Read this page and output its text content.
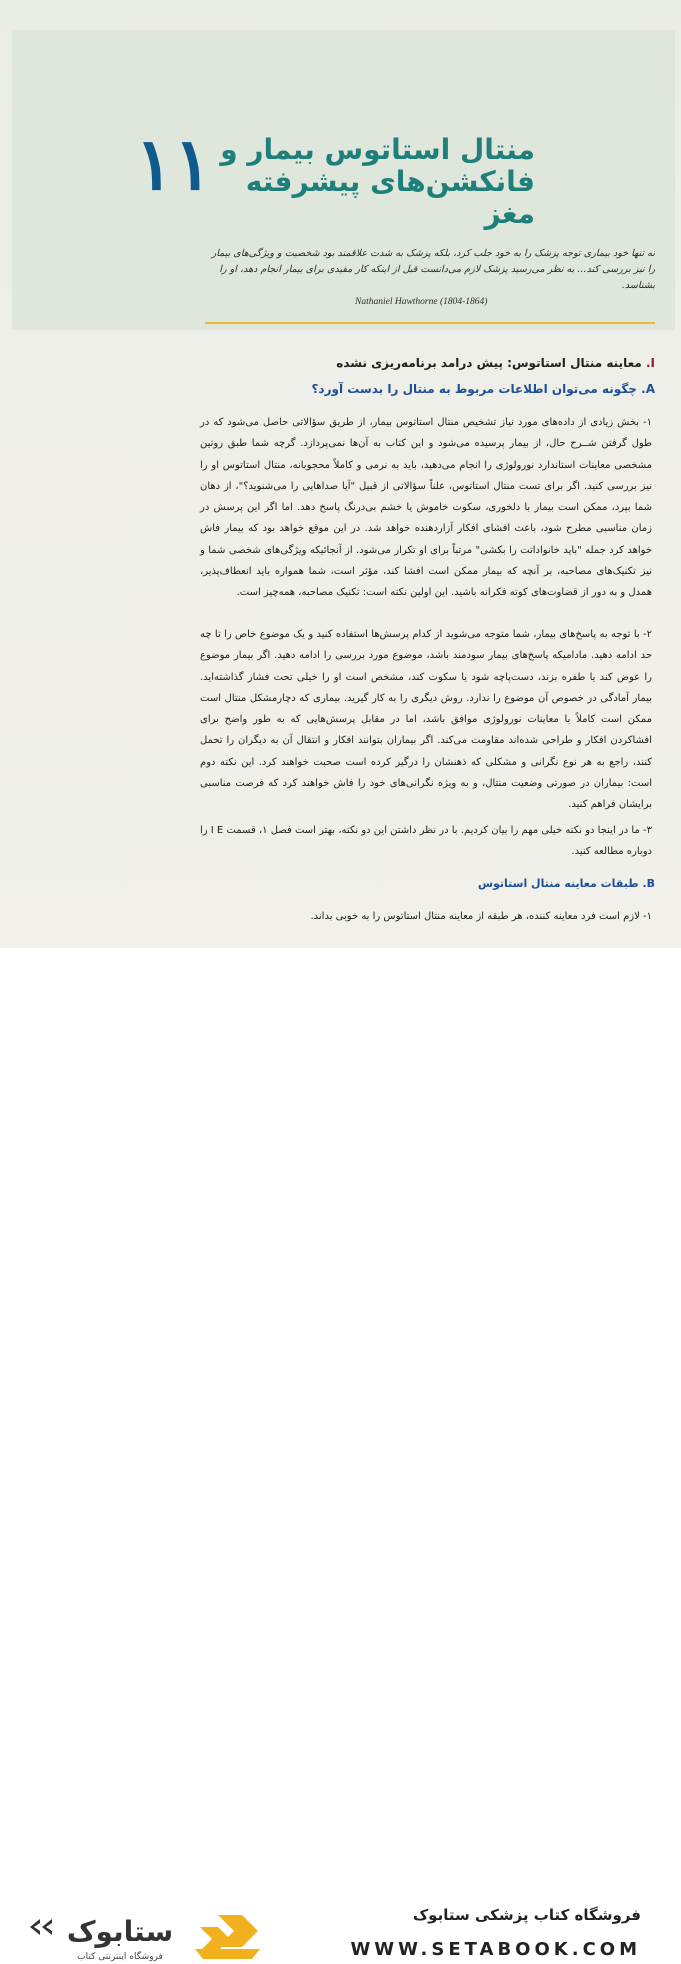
۱۱ منتال استاتوس بیمار و
فانکشن‌های پیشرفته مغز
نه تنها خود بیماری توجه پزشک را به خود جلب کرد، بلکه پزشک به شدت علاقمند بود شخصیت و ویژگی‌های بیمار را نیز بررسی کند... به نظر می‌رسید پزشک لازم می‌دانست قبل از اینکه کار مفیدی برای بیمار انجام دهد، او را بشناسد.
Nathaniel Hawthorne (1804-1864)
I. معاینه منتال استاتوس: پیش درامد برنامه‌ریزی نشده
A. چگونه می‌توان اطلاعات مربوط به منتال را بدست آورد؟
۱- بخش زیادی از داده‌های مورد نیاز تشخیص منتال استاتوس بیمار، از طریق سؤالاتی حاصل می‌شود که در طول گرفتن شــرح حال، از بیمار پرسیده می‌شود و این کتاب به آن‌ها نمی‌پردازد. گرچه شما طبق روتین مشخصی معاینات استاندارد نورولوژی را انجام می‌دهید، باید به نرمی و کاملاً محجوبانه، منتال استاتوس او را نیز بررسی کنید. اگر برای تست منتال استاتوس، علناً سؤالاتی از قبیل "آیا صداهایی را می‌شنوید؟"، از دهان شما بپرد، ممکن است بیمار با دلخوری، سکوت خاموش یا خشم بی‌درنگ پاسخ دهد. اما اگر این پرسش در زمان مناسبی مطرح شود، باعث افشای افکار آزاردهنده خواهد شد. در این موقع خواهد بود که بیمار فاش خواهد کرد جمله "باید خانواداتت را بکشی" مرتباً برای او تکرار می‌شود. از آنجائیکه ویژگی‌های شخصی شما و نیز تکنیک‌های مصاحبه، بر آنچه که بیمار ممکن است افشا کند، مؤثر است، شما همواره باید انعطاف‌پذیر، همدل و به دور از قضاوت‌های کوته فکرانه باشید. این اولین نکته است: تکنیک مصاحبه، همه‌چیز است.
۲- با توجه به پاسخ‌های بیمار، شما متوجه می‌شوید از کدام پرسش‌ها استفاده کنید و یک موضوع خاص را تا چه حد ادامه دهید. مادامیکه پاسخ‌های بیمار سودمند باشد، موضوع مورد بررسی را ادامه دهید. اگر بیمار موضوع را عوض کند یا طفره بزند، دست‌پاچه شود یا سکوت کند، مشخص است او را خیلی تحت فشار گذاشته‌اید. بیمار آمادگی در خصوص آن موضوع را ندارد. روش دیگری را به کار گیرید. بیماری که دچارمشکل منتال است ممکن است کاملاً با معاینات نورولوژی موافق باشد، اما در مقابل پرسش‌هایی که به طور واضح برای افشاکردن افکار و طراحی شده‌اند مقاومت می‌کند. اگر بیماران بتوانند افکار و انتقال آن به دیگران را تحمل کنند، راجع به هر نوع نگرانی و مشکلی که ذهنشان را درگیر کرده است صحبت خواهند کرد. این نکته دوم است: بیماران در صورتی وضعیت منتال، و به ویژه نگرانی‌های خود را فاش خواهند کرد که فرصت مناسبی برایشان فراهم کنید.
۳- ما در اینجا دو نکته خیلی مهم را بیان کردیم. با در نظر داشتن این دو نکته، بهتر است فصل ۱، قسمت I E را دوباره مطالعه کنید.
B. طبقات معاینه منتال استاتوس
۱- لازم است فرد معاینه کننده، هر طبقه از معاینه منتال استاتوس را به خوبی بداند.
ستابوک
فروشگاه اینترنتی کتاب
فروشگاه کتاب پزشکی ستابوک
WWW.SETABOOK.COM
